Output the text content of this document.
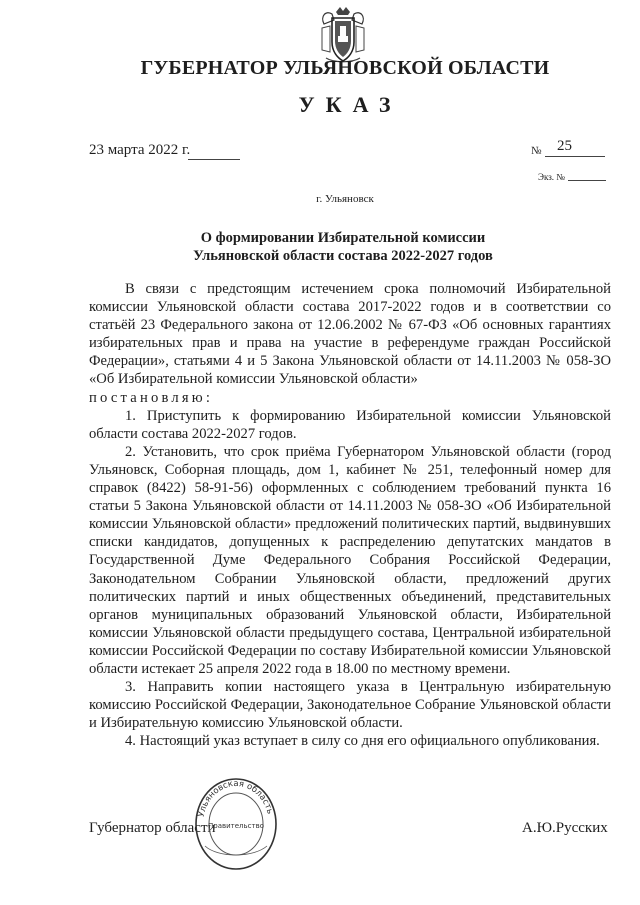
ГУБЕРНАТОР УЛЬЯНОВСКОЙ ОБЛАСТИ
УКАЗ
23 марта 2022 г.	№ 25
Экз. №
г. Ульяновск
О формировании Избирательной комиссии
Ульяновской области состава 2022-2027 годов

В связи с предстоящим истечением срока полномочий Избирательной комиссии Ульяновской области состава 2017-2022 годов и в соответствии со статьёй 23 Федерального закона от 12.06.2002 № 67-ФЗ «Об основных гарантиях избирательных прав и права на участие в референдуме граждан Российской Федерации», статьями 4 и 5 Закона Ульяновской области от 14.11.2003 № 058-ЗО «Об Избирательной комиссии Ульяновской области»

постановляю:

1. Приступить к формированию Избирательной комиссии Ульяновской области состава 2022-2027 годов.

2. Установить, что срок приёма Губернатором Ульяновской области (город Ульяновск, Соборная площадь, дом 1, кабинет № 251, телефонный номер для справок (8422) 58-91-56) оформленных с соблюдением требований пункта 16 статьи 5 Закона Ульяновской области от 14.11.2003 № 058-ЗО «Об Избирательной комиссии Ульяновской области» предложений политических партий, выдвинувших списки кандидатов, допущенных к распределению депутатских мандатов в Государственной Думе Федерального Собрания Российской Федерации, Законодательном Собрании Ульяновской области, предложений других политических партий и иных общественных объединений, представительных органов муниципальных образований Ульяновской области, Избирательной комиссии Ульяновской области предыдущего состава, Центральной избирательной комиссии Российской Федерации по составу Избирательной комиссии Ульяновской области истекает 25 апреля 2022 года в 18.00 по местному времени.

3. Направить копии настоящего указа в Центральную избирательную комиссию Российской Федерации, Законодательное Собрание Ульяновской области и Избирательную комиссию Ульяновской области.

4. Настоящий указ вступает в силу со дня его официального опубликования.

Губернатор области
Ульяновская область
Правительство	А.Ю.Русских
